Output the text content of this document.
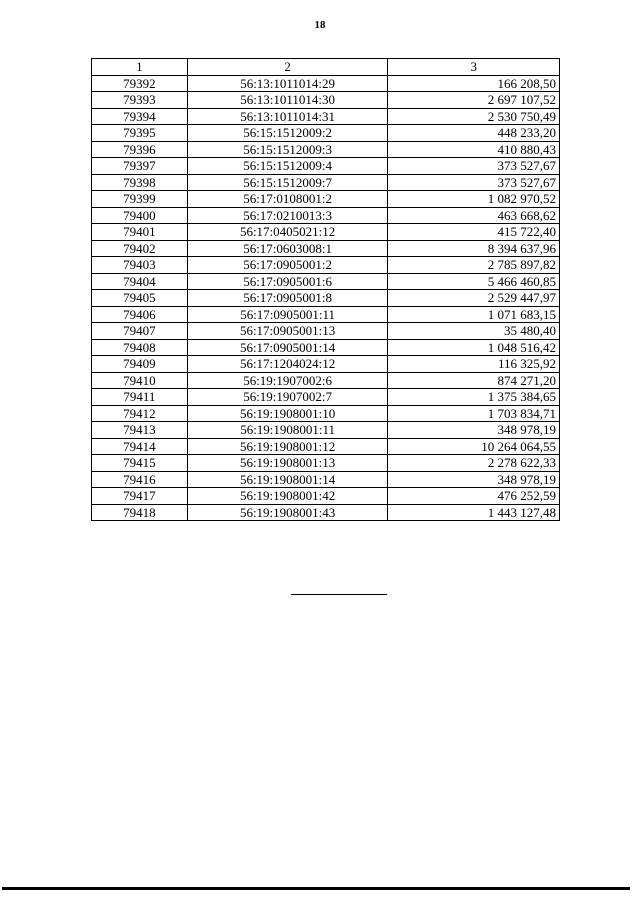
18
1	2	3
79392	56:13:1011014:29	166 208,50
79393	56:13:1011014:30	2 697 107,52
79394	56:13:1011014:31	2 530 750,49
79395	56:15:1512009:2	448 233,20
79396	56:15:1512009:3	410 880,43
79397	56:15:1512009:4	373 527,67
79398	56:15:1512009:7	373 527,67
79399	56:17:0108001:2	1 082 970,52
79400	56:17:0210013:3	463 668,62
79401	56:17:0405021:12	415 722,40
79402	56:17:0603008:1	8 394 637,96
79403	56:17:0905001:2	2 785 897,82
79404	56:17:0905001:6	5 466 460,85
79405	56:17:0905001:8	2 529 447,97
79406	56:17:0905001:11	1 071 683,15
79407	56:17:0905001:13	35 480,40
79408	56:17:0905001:14	1 048 516,42
79409	56:17:1204024:12	116 325,92
79410	56:19:1907002:6	874 271,20
79411	56:19:1907002:7	1 375 384,65
79412	56:19:1908001:10	1 703 834,71
79413	56:19:1908001:11	348 978,19
79414	56:19:1908001:12	10 264 064,55
79415	56:19:1908001:13	2 278 622,33
79416	56:19:1908001:14	348 978,19
79417	56:19:1908001:42	476 252,59
79418	56:19:1908001:43	1 443 127,48
